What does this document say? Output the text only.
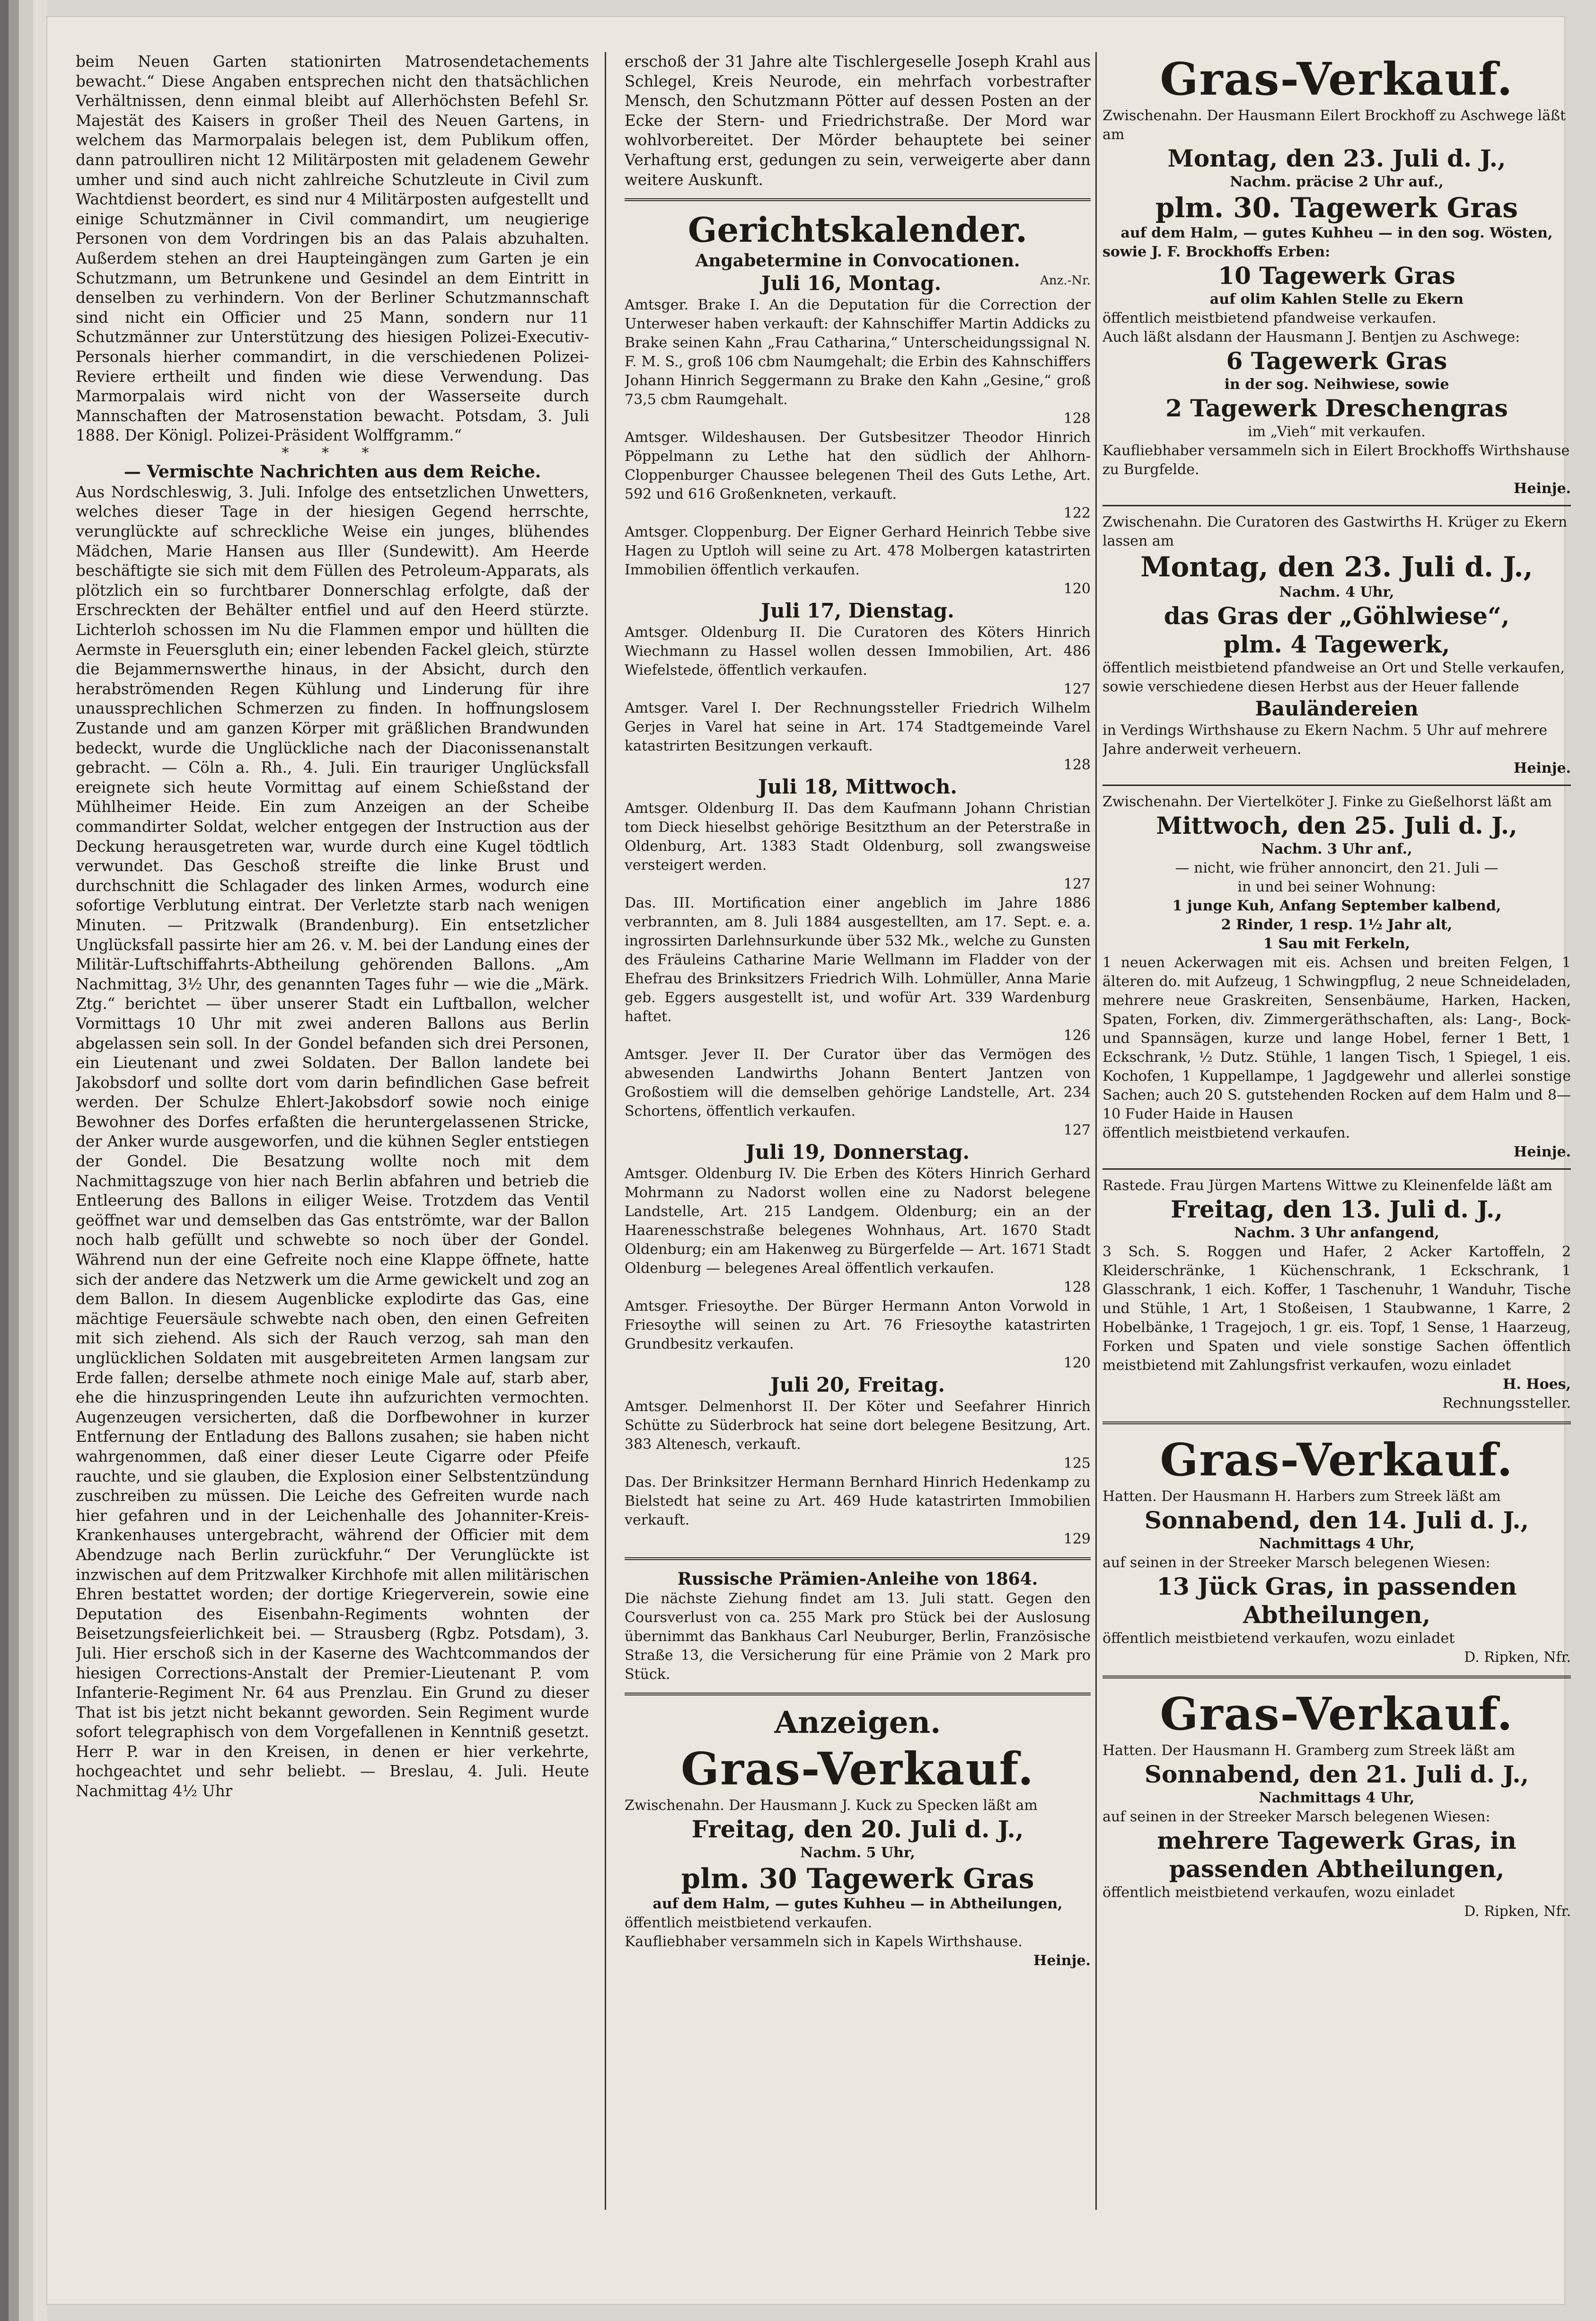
beim Neuen Garten stationirten Matrosendetachements bewacht.“ Diese Angaben entsprechen nicht den thatsächlichen Verhältnissen, denn einmal bleibt auf Allerhöchsten Befehl Sr. Majestät des Kaisers in großer Theil des Neuen Gartens, in welchem das Marmorpalais belegen ist, dem Publikum offen, dann patroulliren nicht 12 Militärposten mit geladenem Gewehr umher und sind auch nicht zahlreiche Schutzleute in Civil zum Wachtdienst beordert, es sind nur 4 Militärposten aufgestellt und einige Schutzmänner in Civil commandirt, um neugierige Personen von dem Vordringen bis an das Palais abzuhalten. Außerdem stehen an drei Haupteingängen zum Garten je ein Schutzmann, um Betrunkene und Gesindel an dem Eintritt in denselben zu verhindern. Von der Berliner Schutzmannschaft sind nicht ein Officier und 25 Mann, sondern nur 11 Schutzmänner zur Unterstützung des hiesigen Polizei-Executiv-Personals hierher commandirt, in die verschiedenen Polizei-Reviere ertheilt und finden wie diese Verwendung. Das Marmorpalais wird nicht von der Wasserseite durch Mannschaften der Matrosenstation bewacht. Potsdam, 3. Juli 1888. Der Königl. Polizei-Präsident Wolffgramm.“

* * *

— Vermischte Nachrichten aus dem Reiche.

Aus Nordschleswig, 3. Juli. Infolge des entsetzlichen Unwetters, welches dieser Tage in der hiesigen Gegend herrschte, verunglückte auf schreckliche Weise ein junges, blühendes Mädchen, Marie Hansen aus Iller (Sundewitt). Am Heerde beschäftigte sie sich mit dem Füllen des Petroleum-Apparats, als plötzlich ein so furchtbarer Donnerschlag erfolgte, daß der Erschreckten der Behälter entfiel und auf den Heerd stürzte. Lichterloh schossen im Nu die Flammen empor und hüllten die Aermste in Feuersgluth ein; einer lebenden Fackel gleich, stürzte die Bejammernswerthe hinaus, in der Absicht, durch den herabströmenden Regen Kühlung und Linderung für ihre unaussprechlichen Schmerzen zu finden. In hoffnungslosem Zustande und am ganzen Körper mit gräßlichen Brandwunden bedeckt, wurde die Unglückliche nach der Diaconissenanstalt gebracht. — Cöln a. Rh., 4. Juli. Ein trauriger Unglücksfall ereignete sich heute Vormittag auf einem Schießstand der Mühlheimer Heide. Ein zum Anzeigen an der Scheibe commandirter Soldat, welcher entgegen der Instruction aus der Deckung herausgetreten war, wurde durch eine Kugel tödtlich verwundet. Das Geschoß streifte die linke Brust und durchschnitt die Schlagader des linken Armes, wodurch eine sofortige Verblutung eintrat. Der Verletzte starb nach wenigen Minuten. — Pritzwalk (Brandenburg). Ein entsetzlicher Unglücksfall passirte hier am 26. v. M. bei der Landung eines der Militär-Luftschiffahrts-Abtheilung gehörenden Ballons. „Am Nachmittag, 3½ Uhr, des genannten Tages fuhr — wie die „Märk. Ztg.“ berichtet — über unserer Stadt ein Luftballon, welcher Vormittags 10 Uhr mit zwei anderen Ballons aus Berlin abgelassen sein soll. In der Gondel befanden sich drei Personen, ein Lieutenant und zwei Soldaten. Der Ballon landete bei Jakobsdorf und sollte dort vom darin befindlichen Gase befreit werden. Der Schulze Ehlert-Jakobsdorf sowie noch einige Bewohner des Dorfes erfaßten die heruntergelassenen Stricke, der Anker wurde ausgeworfen, und die kühnen Segler entstiegen der Gondel. Die Besatzung wollte noch mit dem Nachmittagszuge von hier nach Berlin abfahren und betrieb die Entleerung des Ballons in eiliger Weise. Trotzdem das Ventil geöffnet war und demselben das Gas entströmte, war der Ballon noch halb gefüllt und schwebte so noch über der Gondel. Während nun der eine Gefreite noch eine Klappe öffnete, hatte sich der andere das Netzwerk um die Arme gewickelt und zog an dem Ballon. In diesem Augenblicke explodirte das Gas, eine mächtige Feuersäule schwebte nach oben, den einen Gefreiten mit sich ziehend. Als sich der Rauch verzog, sah man den unglücklichen Soldaten mit ausgebreiteten Armen langsam zur Erde fallen; derselbe athmete noch einige Male auf, starb aber, ehe die hinzuspringenden Leute ihn aufzurichten vermochten. Augenzeugen versicherten, daß die Dorfbewohner in kurzer Entfernung der Entladung des Ballons zusahen; sie haben nicht wahrgenommen, daß einer dieser Leute Cigarre oder Pfeife rauchte, und sie glauben, die Explosion einer Selbstentzündung zuschreiben zu müssen. Die Leiche des Gefreiten wurde nach hier gefahren und in der Leichenhalle des Johanniter-Kreis-Krankenhauses untergebracht, während der Officier mit dem Abendzuge nach Berlin zurückfuhr.“ Der Verunglückte ist inzwischen auf dem Pritzwalker Kirchhofe mit allen militärischen Ehren bestattet worden; der dortige Kriegerverein, sowie eine Deputation des Eisenbahn-Regiments wohnten der Beisetzungsfeierlichkeit bei. — Strausberg (Rgbz. Potsdam), 3. Juli. Hier erschoß sich in der Kaserne des Wachtcommandos der hiesigen Corrections-Anstalt der Premier-Lieutenant P. vom Infanterie-Regiment Nr. 64 aus Prenzlau. Ein Grund zu dieser That ist bis jetzt nicht bekannt geworden. Sein Regiment wurde sofort telegraphisch von dem Vorgefallenen in Kenntniß gesetzt. Herr P. war in den Kreisen, in denen er hier verkehrte, hochgeachtet und sehr beliebt. — Breslau, 4. Juli. Heute Nachmittag 4½ Uhr

erschoß der 31 Jahre alte Tischlergeselle Joseph Krahl aus Schlegel, Kreis Neurode, ein mehrfach vorbestrafter Mensch, den Schutzmann Pötter auf dessen Posten an der Ecke der Stern- und Friedrichstraße. Der Mord war wohlvorbereitet. Der Mörder behauptete bei seiner Verhaftung erst, gedungen zu sein, verweigerte aber dann weitere Auskunft.

Gerichtskalender.

Angabetermine in Convocationen.

Juli 16, Montag.	Anz.-Nr.

Amtsger. Brake I. An die Deputation für die Correction der Unterweser haben verkauft: der Kahnschiffer Martin Addicks zu Brake seinen Kahn „Frau Catharina,“ Unterscheidungssignal N. F. M. S., groß 106 cbm Naumgehalt; die Erbin des Kahnschiffers Johann Hinrich Seggermann zu Brake den Kahn „Gesine,“ groß 73,5 cbm Raumgehalt.

128

Amtsger. Wildeshausen. Der Gutsbesitzer Theodor Hinrich Pöppelmann zu Lethe hat den südlich der Ahlhorn-Cloppenburger Chaussee belegenen Theil des Guts Lethe, Art. 592 und 616 Großenkneten, verkauft.

122

Amtsger. Cloppenburg. Der Eigner Gerhard Heinrich Tebbe sive Hagen zu Uptloh will seine zu Art. 478 Molbergen katastrirten Immobilien öffentlich verkaufen.

120

Juli 17, Dienstag.

Amtsger. Oldenburg II. Die Curatoren des Köters Hinrich Wiechmann zu Hassel wollen dessen Immobilien, Art. 486 Wiefelstede, öffentlich verkaufen.

127

Amtsger. Varel I. Der Rechnungssteller Friedrich Wilhelm Gerjes in Varel hat seine in Art. 174 Stadtgemeinde Varel katastrirten Besitzungen verkauft.

128

Juli 18, Mittwoch.

Amtsger. Oldenburg II. Das dem Kaufmann Johann Christian tom Dieck hieselbst gehörige Besitzthum an der Peterstraße in Oldenburg, Art. 1383 Stadt Oldenburg, soll zwangsweise versteigert werden.

127

Das. III. Mortification einer angeblich im Jahre 1886 verbrannten, am 8. Juli 1884 ausgestellten, am 17. Sept. e. a. ingrossirten Darlehnsurkunde über 532 Mk., welche zu Gunsten des Fräuleins Catharine Marie Wellmann im Fladder von der Ehefrau des Brinksitzers Friedrich Wilh. Lohmüller, Anna Marie geb. Eggers ausgestellt ist, und wofür Art. 339 Wardenburg haftet.

126

Amtsger. Jever II. Der Curator über das Vermögen des abwesenden Landwirths Johann Bentert Jantzen von Großostiem will die demselben gehörige Landstelle, Art. 234 Schortens, öffentlich verkaufen.

127

Juli 19, Donnerstag.

Amtsger. Oldenburg IV. Die Erben des Köters Hinrich Gerhard Mohrmann zu Nadorst wollen eine zu Nadorst belegene Landstelle, Art. 215 Landgem. Oldenburg; ein an der Haarenesschstraße belegenes Wohnhaus, Art. 1670 Stadt Oldenburg; ein am Hakenweg zu Bürgerfelde — Art. 1671 Stadt Oldenburg — belegenes Areal öffentlich verkaufen.

128

Amtsger. Friesoythe. Der Bürger Hermann Anton Vorwold in Friesoythe will seinen zu Art. 76 Friesoythe katastrirten Grundbesitz verkaufen.

120

Juli 20, Freitag.

Amtsger. Delmenhorst II. Der Köter und Seefahrer Hinrich Schütte zu Süderbrock hat seine dort belegene Besitzung, Art. 383 Altenesch, verkauft.

125

Das. Der Brinksitzer Hermann Bernhard Hinrich Hedenkamp zu Bielstedt hat seine zu Art. 469 Hude katastrirten Immobilien verkauft.

129

Russische Prämien-Anleihe von 1864.

Die nächste Ziehung findet am 13. Juli statt. Gegen den Coursverlust von ca. 255 Mark pro Stück bei der Auslosung übernimmt das Bankhaus Carl Neuburger, Berlin, Französische Straße 13, die Versicherung für eine Prämie von 2 Mark pro Stück.

Anzeigen.

Gras-Verkauf.

Zwischenahn. Der Hausmann J. Kuck zu Specken läßt am

Freitag, den 20. Juli d. J.,

Nachm. 5 Uhr,

plm. 30 Tagewerk Gras

auf dem Halm, — gutes Kuhheu — in Abtheilungen,

öffentlich meistbietend verkaufen.

Kaufliebhaber versammeln sich in Kapels Wirthshause.

Heinje.

Gras-Verkauf.

Zwischenahn. Der Hausmann Eilert Brockhoff zu Aschwege läßt am

Montag, den 23. Juli d. J.,

Nachm. präcise 2 Uhr auf.,

plm. 30. Tagewerk Gras

auf dem Halm, — gutes Kuhheu — in den sog. Wösten,

sowie J. F. Brockhoffs Erben:

10 Tagewerk Gras

auf olim Kahlen Stelle zu Ekern

öffentlich meistbietend pfandweise verkaufen.

Auch läßt alsdann der Hausmann J. Bentjen zu Aschwege:

6 Tagewerk Gras

in der sog. Neihwiese, sowie

2 Tagewerk Dreschengras

im „Vieh“ mit verkaufen.

Kaufliebhaber versammeln sich in Eilert Brockhoffs Wirthshause zu Burgfelde.

Heinje.

Zwischenahn. Die Curatoren des Gastwirths H. Krüger zu Ekern lassen am

Montag, den 23. Juli d. J.,

Nachm. 4 Uhr,

das Gras der „Göhlwiese“,

plm. 4 Tagewerk,

öffentlich meistbietend pfandweise an Ort und Stelle verkaufen, sowie verschiedene diesen Herbst aus der Heuer fallende

Bauländereien

in Verdings Wirthshause zu Ekern Nachm. 5 Uhr auf mehrere Jahre anderweit verheuern.

Heinje.

Zwischenahn. Der Viertelköter J. Finke zu Gießelhorst läßt am

Mittwoch, den 25. Juli d. J.,

Nachm. 3 Uhr anf.,

— nicht, wie früher annoncirt, den 21. Juli —

in und bei seiner Wohnung:

1 junge Kuh, Anfang September kalbend,

2 Rinder, 1 resp. 1½ Jahr alt,

1 Sau mit Ferkeln,

1 neuen Ackerwagen mit eis. Achsen und breiten Felgen, 1 älteren do. mit Aufzeug, 1 Schwingpflug, 2 neue Schneideladen, mehrere neue Graskreiten, Sensenbäume, Harken, Hacken, Spaten, Forken, div. Zimmergeräthschaften, als: Lang-, Bock- und Spannsägen, kurze und lange Hobel, ferner 1 Bett, 1 Eckschrank, ½ Dutz. Stühle, 1 langen Tisch, 1 Spiegel, 1 eis. Kochofen, 1 Kuppellampe, 1 Jagdgewehr und allerlei sonstige Sachen; auch 20 S. gutstehenden Rocken auf dem Halm und 8—10 Fuder Haide in Hausen

öffentlich meistbietend verkaufen.

Heinje.

Rastede. Frau Jürgen Martens Wittwe zu Kleinenfelde läßt am

Freitag, den 13. Juli d. J.,

Nachm. 3 Uhr anfangend,

3 Sch. S. Roggen und Hafer, 2 Acker Kartoffeln, 2 Kleiderschränke, 1 Küchenschrank, 1 Eckschrank, 1 Glasschrank, 1 eich. Koffer, 1 Taschenuhr, 1 Wanduhr, Tische und Stühle, 1 Art, 1 Stoßeisen, 1 Staubwanne, 1 Karre, 2 Hobelbänke, 1 Tragejoch, 1 gr. eis. Topf, 1 Sense, 1 Haarzeug, Forken und Spaten und viele sonstige Sachen öffentlich meistbietend mit Zahlungsfrist verkaufen, wozu einladet

H. Hoes,

Rechnungssteller.

Gras-Verkauf.

Hatten. Der Hausmann H. Harbers zum Streek läßt am

Sonnabend, den 14. Juli d. J.,

Nachmittags 4 Uhr,

auf seinen in der Streeker Marsch belegenen Wiesen:

13 Jück Gras, in passenden Abtheilungen,

öffentlich meistbietend verkaufen, wozu einladet

D. Ripken, Nfr.

Gras-Verkauf.

Hatten. Der Hausmann H. Gramberg zum Streek läßt am

Sonnabend, den 21. Juli d. J.,

Nachmittags 4 Uhr,

auf seinen in der Streeker Marsch belegenen Wiesen:

mehrere Tagewerk Gras, in passenden Abtheilungen,

öffentlich meistbietend verkaufen, wozu einladet

D. Ripken, Nfr.
